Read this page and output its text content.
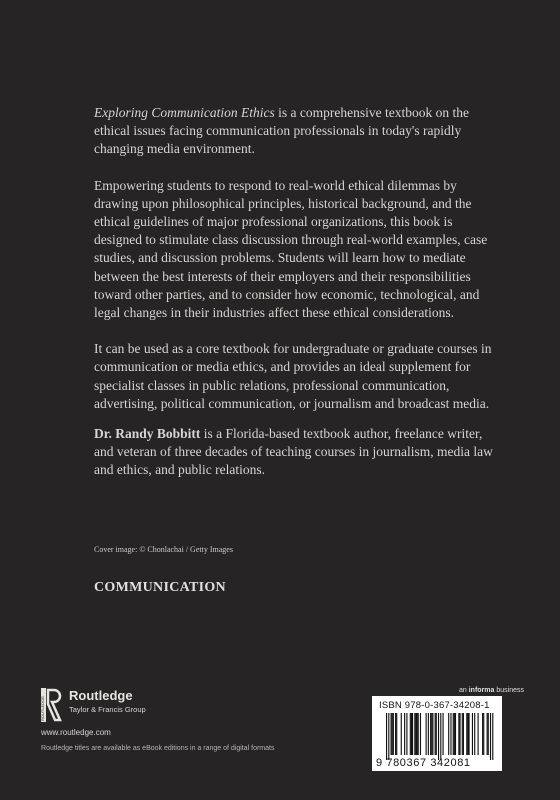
Exploring Communication Ethics is a comprehensive textbook on the ethical issues facing communication professionals in today's rapidly changing media environment.

Empowering students to respond to real-world ethical dilemmas by drawing upon philosophical principles, historical background, and the ethical guidelines of major professional organizations, this book is designed to stimulate class discussion through real-world examples, case studies, and discussion problems. Students will learn how to mediate between the best interests of their employers and their responsibilities toward other parties, and to consider how economic, technological, and legal changes in their industries affect these ethical considerations.

It can be used as a core textbook for undergraduate or graduate courses in communication or media ethics, and provides an ideal supplement for specialist classes in public relations, professional communication, advertising, political communication, or journalism and broadcast media.

Dr. Randy Bobbitt is a Florida-based textbook author, freelance writer, and veteran of three decades of teaching courses in journalism, media law and ethics, and public relations.

Cover image: © Chonlachai / Getty Images
COMMUNICATION
ROUTLEDGE
Routledge
Taylor & Francis Group
www.routledge.com
Routledge titles are available as eBook editions in a range of digital formats
an informa business
ISBN 978-0-367-34208-1
9 780367 342081
